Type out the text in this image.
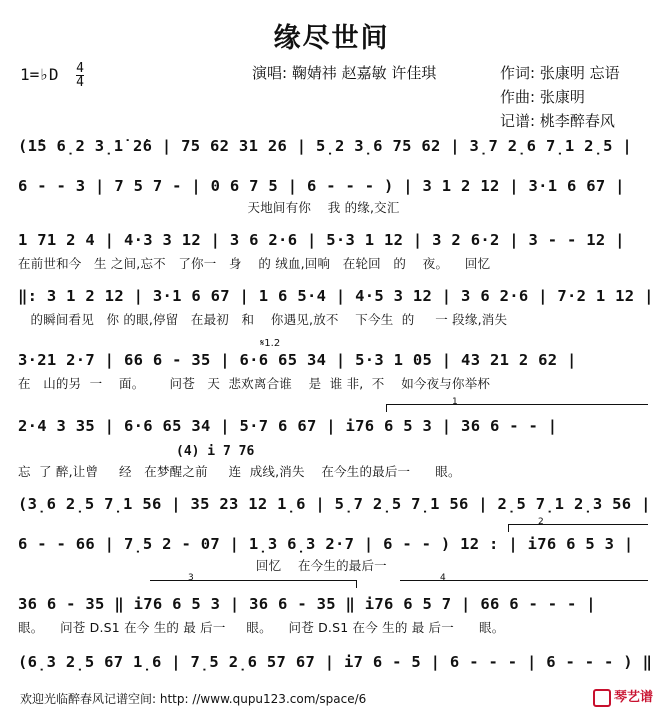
缘尽世间
1=♭D $\frac{4}{4}$	演唱: 鞠婧祎 赵嘉敏 许佳琪	作词: 张康明 忘语
作曲: 张康明
记谱: 桃李醉春风
(1̇5 6̣2 3̣1̇ 2̇6 | 75 62 31 26 | 5̣2 3̣6 75 62 | 3̣7 2̣6 7̣1 2̣5 |
6 - - 3 | 7 5 7 - | 0 6 7 5 | 6 - - - ) | 3 1 2 12 | 3·1 6 67 |
天地间有你    我 的缘,交汇
1 71 2 4 | 4·3 3 12 | 3 6 2·6 | 5·3 1 12 | 3 2 6·2 | 3 - - 12 |
在前世和今   生 之间,忘不   了你一   身    的 绒血,回响   在轮回   的    夜。    回忆
‖: 3 1 2 12 | 3·1 6 67 | 1 6 5·4 | 4·5 3 12 | 3 6 2·6 | 7·2 1 12 |
的瞬间看见   你 的眼,停留   在最初   和    你遇见,放不    下今生  的     一 段缘,消失
3·21 2·7 | 66 6 - 35 | 6·6 65 34 | 5·3 1 05 | 43 21 2 62 |
𝄋1.2
在   山的另  一    面。      问苍   天  悲欢离合谁    是  谁 非,  不    如今夜与你举杯
1
2·4 3 35 | 6·6 65 34 | 5·7 6 67 | i76 6 5 3 | 36 6 - - |
(4) i 7 76
忘  了 醉,让曾     经   在梦醒之前     连  成线,消失    在今生的最后一      眼。
(3̣6 2̣5 7̣1 56 | 35 23 12 1̣6 | 5̣7 2̣5 7̣1 56 | 2̣5 7̣1 2̣3 56 |
2
6 - - 66 | 7̣5 2 - 07 | 1̣3 6̣3 2·7 | 6 - - ) 12 : | i76 6 5 3 |
回忆    在今生的最后一
3	4
36 6 - 35 ‖ i76 6 5 3 | 36 6 - 35 ‖ i76 6 5 7 | 66 6 - - - |
眼。    问苍 D.S1 在今 生的 最 后一     眼。    问苍 D.S1 在今 生的 最 后一      眼。
(6̣3 2̣5 67 1̣6 | 7̣5 2̣6 57 67 | i7 6 - 5 | 6 - - - | 6 - - - ) ‖
欢迎光临醉春风记谱空间: http: //www.qupu123.com/space/6	琴艺谱
